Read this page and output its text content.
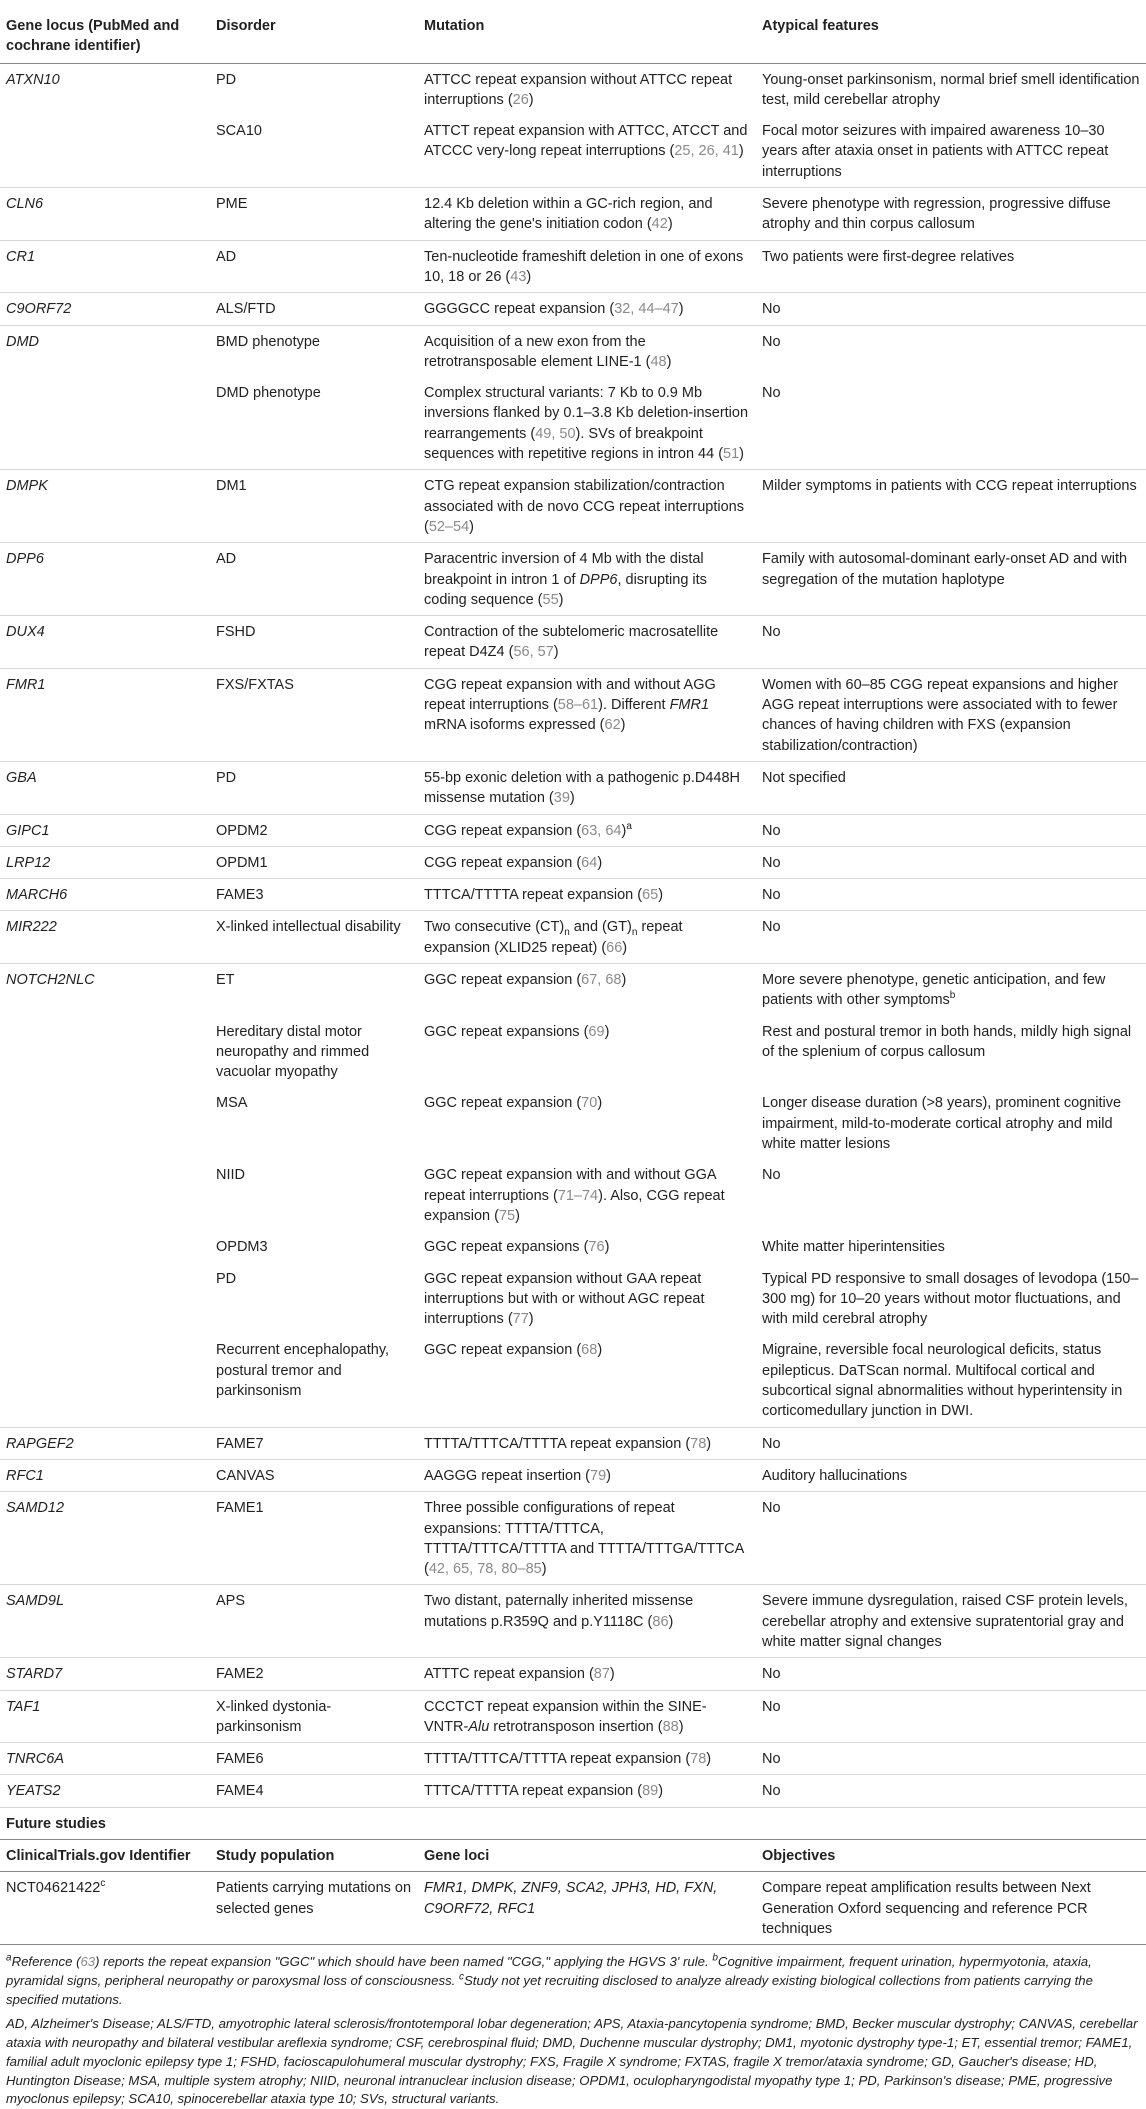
Gene locus (PubMed and cochrane identifier)	Disorder	Mutation	Atypical features
ATXN10	PD	ATTCC repeat expansion without ATTCC repeat interruptions (26)	Young-onset parkinsonism, normal brief smell identification test, mild cerebellar atrophy
	SCA10	ATTCT repeat expansion with ATTCC, ATCCT and ATCCC very-long repeat interruptions (25, 26, 41)	Focal motor seizures with impaired awareness 10–30 years after ataxia onset in patients with ATTCC repeat interruptions
CLN6	PME	12.4 Kb deletion within a GC-rich region, and altering the gene's initiation codon (42)	Severe phenotype with regression, progressive diffuse atrophy and thin corpus callosum
CR1	AD	Ten-nucleotide frameshift deletion in one of exons 10, 18 or 26 (43)	Two patients were first-degree relatives
C9ORF72	ALS/FTD	GGGGCC repeat expansion (32, 44–47)	No
DMD	BMD phenotype	Acquisition of a new exon from the retrotransposable element LINE-1 (48)	No
	DMD phenotype	Complex structural variants: 7 Kb to 0.9 Mb inversions flanked by 0.1–3.8 Kb deletion-insertion rearrangements (49, 50). SVs of breakpoint sequences with repetitive regions in intron 44 (51)	No
DMPK	DM1	CTG repeat expansion stabilization/contraction associated with de novo CCG repeat interruptions (52–54)	Milder symptoms in patients with CCG repeat interruptions
DPP6	AD	Paracentric inversion of 4 Mb with the distal breakpoint in intron 1 of DPP6, disrupting its coding sequence (55)	Family with autosomal-dominant early-onset AD and with segregation of the mutation haplotype
DUX4	FSHD	Contraction of the subtelomeric macrosatellite repeat D4Z4 (56, 57)	No
FMR1	FXS/FXTAS	CGG repeat expansion with and without AGG repeat interruptions (58–61). Different FMR1 mRNA isoforms expressed (62)	Women with 60–85 CGG repeat expansions and higher AGG repeat interruptions were associated with to fewer chances of having children with FXS (expansion stabilization/contraction)
GBA	PD	55-bp exonic deletion with a pathogenic p.D448H missense mutation (39)	Not specified
GIPC1	OPDM2	CGG repeat expansion (63, 64)$^a$	No
LRP12	OPDM1	CGG repeat expansion (64)	No
MARCH6	FAME3	TTTCA/TTTTA repeat expansion (65)	No
MIR222	X-linked intellectual disability	Two consecutive $(CT)_n$ and $(GT)_n$ repeat expansion (XLID25 repeat) (66)	No
NOTCH2NLC	ET	GGC repeat expansion (67, 68)	More severe phenotype, genetic anticipation, and few patients with other symptoms$^b$
	Hereditary distal motor neuropathy and rimmed vacuolar myopathy	GGC repeat expansions (69)	Rest and postural tremor in both hands, mildly high signal of the splenium of corpus callosum
	MSA	GGC repeat expansion (70)	Longer disease duration (>8 years), prominent cognitive impairment, mild-to-moderate cortical atrophy and mild white matter lesions
	NIID	GGC repeat expansion with and without GGA repeat interruptions (71–74). Also, CGG repeat expansion (75)	No
	OPDM3	GGC repeat expansions (76)	White matter hiperintensities
	PD	GGC repeat expansion without GAA repeat interruptions but with or without AGC repeat interruptions (77)	Typical PD responsive to small dosages of levodopa (150–300 mg) for 10–20 years without motor fluctuations, and with mild cerebral atrophy
	Recurrent encephalopathy, postural tremor and parkinsonism	GGC repeat expansion (68)	Migraine, reversible focal neurological deficits, status epilepticus. DaTScan normal. Multifocal cortical and subcortical signal abnormalities without hyperintensity in corticomedullary junction in DWI.
RAPGEF2	FAME7	TTTTA/TTTCA/TTTTA repeat expansion (78)	No
RFC1	CANVAS	AAGGG repeat insertion (79)	Auditory hallucinations
SAMD12	FAME1	Three possible configurations of repeat expansions: TTTTA/TTTCA, TTTTA/TTTCA/TTTTA and TTTTA/TTTGA/TTTCA (42, 65, 78, 80–85)	No
SAMD9L	APS	Two distant, paternally inherited missense mutations p.R359Q and p.Y1118C (86)	Severe immune dysregulation, raised CSF protein levels, cerebellar atrophy and extensive supratentorial gray and white matter signal changes
STARD7	FAME2	ATTTC repeat expansion (87)	No
TAF1	X-linked dystonia-parkinsonism	CCCTCT repeat expansion within the SINE-VNTR-Alu retrotransposon insertion (88)	No
TNRC6A	FAME6	TTTTA/TTTCA/TTTTA repeat expansion (78)	No
YEATS2	FAME4	TTTCA/TTTTA repeat expansion (89)	No
Future studies			
ClinicalTrials.gov Identifier	Study population	Gene loci	Objectives
NCT04621422$^c$	Patients carrying mutations on selected genes	FMR1, DMPK, ZNF9, SCA2, JPH3, HD, FXN, C9ORF72, RFC1	Compare repeat amplification results between Next Generation Oxford sequencing and reference PCR techniques

$^a$Reference (63) reports the repeat expansion "GGC" which should have been named "CGG," applying the HGVS 3' rule. $^b$Cognitive impairment, frequent urination, hypermyotonia, ataxia, pyramidal signs, peripheral neuropathy or paroxysmal loss of consciousness. $^c$Study not yet recruiting disclosed to analyze already existing biological collections from patients carrying the specified mutations.

AD, Alzheimer's Disease; ALS/FTD, amyotrophic lateral sclerosis/frontotemporal lobar degeneration; APS, Ataxia-pancytopenia syndrome; BMD, Becker muscular dystrophy; CANVAS, cerebellar ataxia with neuropathy and bilateral vestibular areflexia syndrome; CSF, cerebrospinal fluid; DMD, Duchenne muscular dystrophy; DM1, myotonic dystrophy type-1; ET, essential tremor; FAME1, familial adult myoclonic epilepsy type 1; FSHD, facioscapulohumeral muscular dystrophy; FXS, Fragile X syndrome; FXTAS, fragile X tremor/ataxia syndrome; GD, Gaucher's disease; HD, Huntington Disease; MSA, multiple system atrophy; NIID, neuronal intranuclear inclusion disease; OPDM1, oculopharyngodistal myopathy type 1; PD, Parkinson's disease; PME, progressive myoclonus epilepsy; SCA10, spinocerebellar ataxia type 10; SVs, structural variants.
